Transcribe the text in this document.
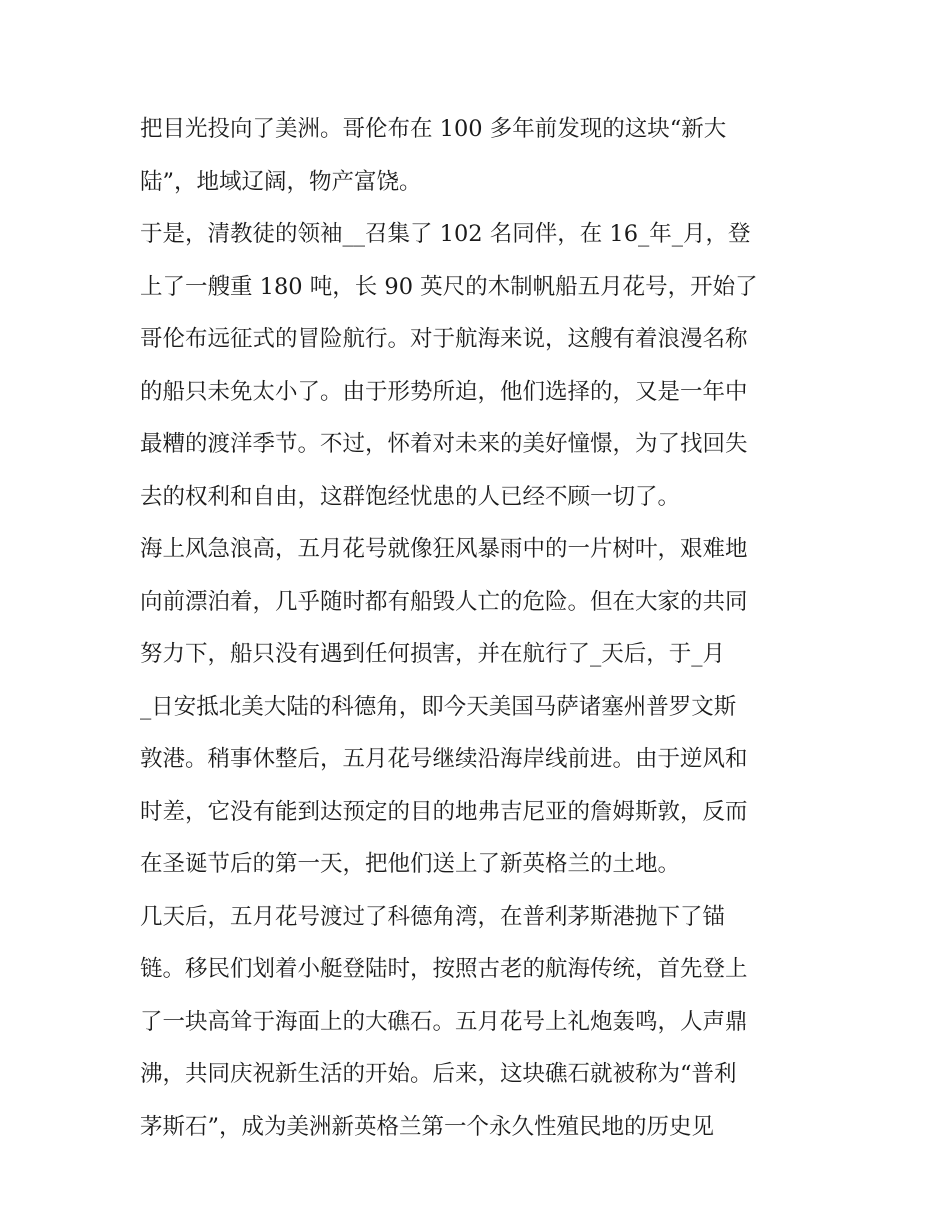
把目光投向了美洲。哥伦布在 100 多年前发现的这块“新大
陆”，地域辽阔，物产富饶。
于是，清教徒的领袖__召集了 102 名同伴，在 16_年_月，登
上了一艘重 180 吨，长 90 英尺的木制帆船五月花号，开始了
哥伦布远征式的冒险航行。对于航海来说，这艘有着浪漫名称
的船只未免太小了。由于形势所迫，他们选择的，又是一年中
最糟的渡洋季节。不过，怀着对未来的美好憧憬，为了找回失
去的权利和自由，这群饱经忧患的人已经不顾一切了。
海上风急浪高，五月花号就像狂风暴雨中的一片树叶，艰难地
向前漂泊着，几乎随时都有船毁人亡的危险。但在大家的共同
努力下，船只没有遇到任何损害，并在航行了_天后，于_月
_日安抵北美大陆的科德角，即今天美国马萨诸塞州普罗文斯
敦港。稍事休整后，五月花号继续沿海岸线前进。由于逆风和
时差，它没有能到达预定的目的地弗吉尼亚的詹姆斯敦，反而
在圣诞节后的第一天，把他们送上了新英格兰的土地。
几天后，五月花号渡过了科德角湾，在普利茅斯港抛下了锚
链。移民们划着小艇登陆时，按照古老的航海传统，首先登上
了一块高耸于海面上的大礁石。五月花号上礼炮轰鸣，人声鼎
沸，共同庆祝新生活的开始。后来，这块礁石就被称为“普利
茅斯石”，成为美洲新英格兰第一个永久性殖民地的历史见
